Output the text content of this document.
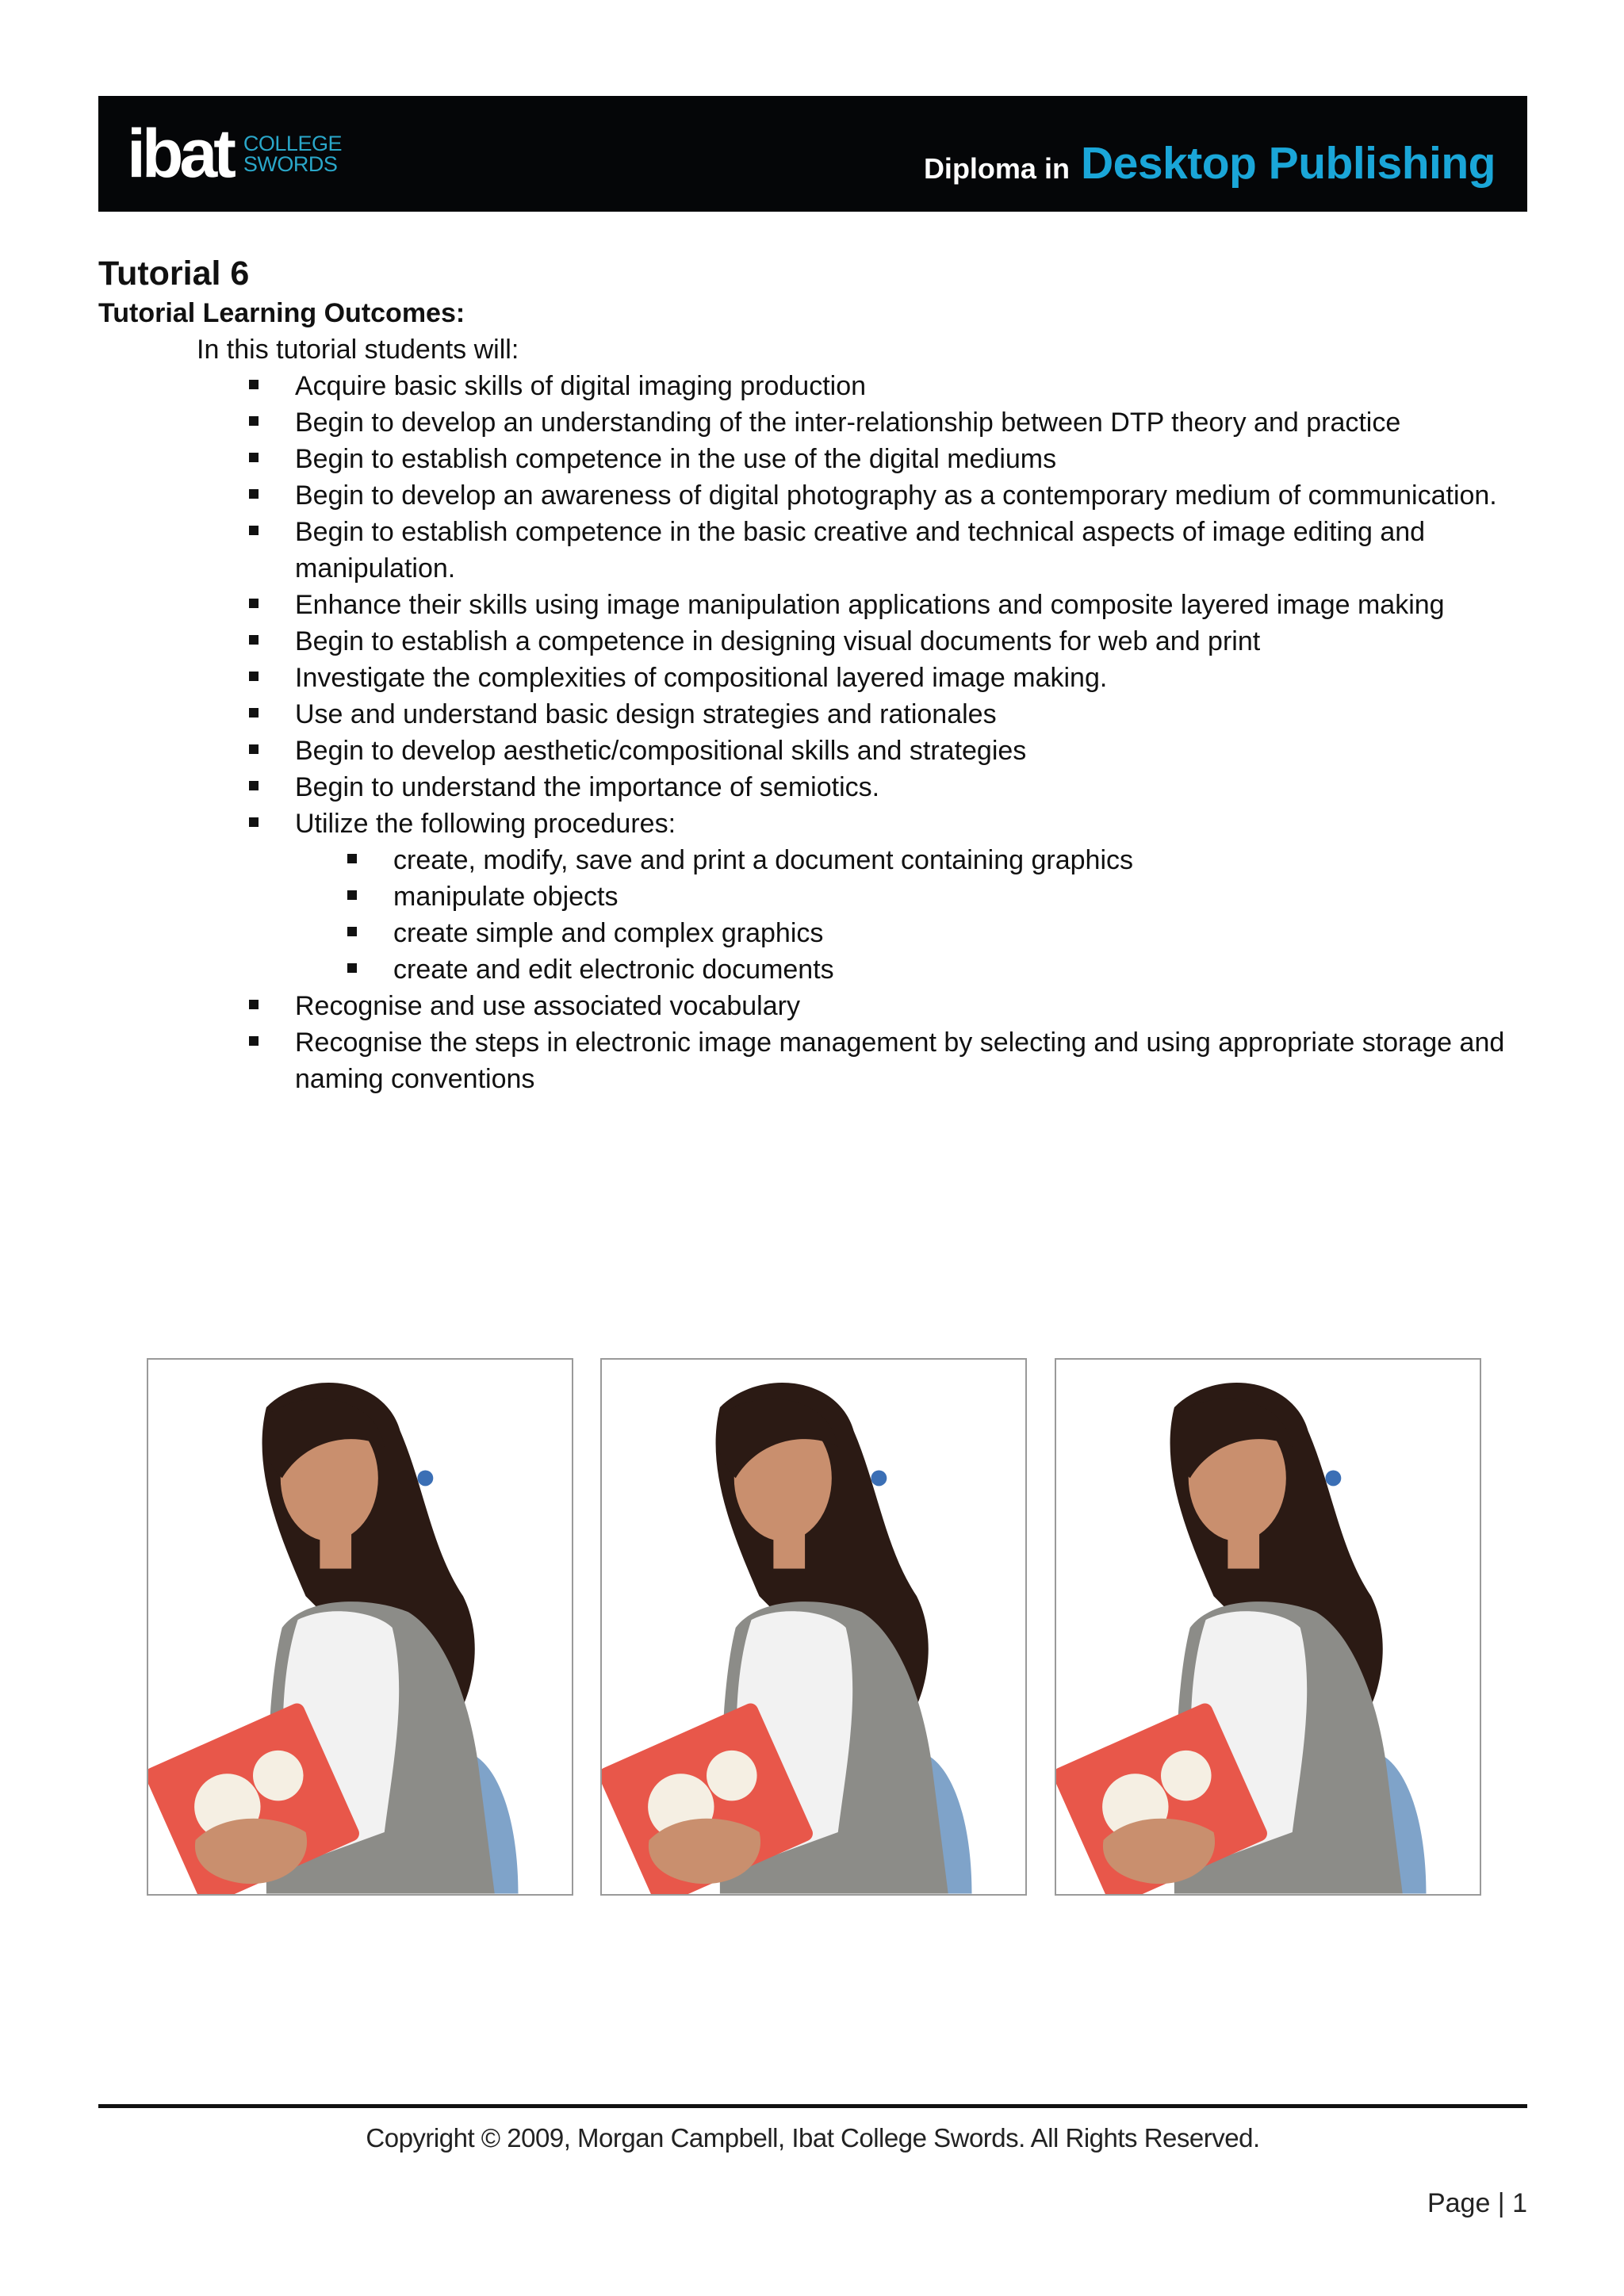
ibat COLLEGE
SWORDS	Diploma in Desktop Publishing
Tutorial 6
Tutorial Learning Outcomes:

In this tutorial students will:

Acquire basic skills of digital imaging production
Begin to develop an understanding of the inter-relationship between DTP theory and practice
Begin to establish competence in the use of the digital mediums
Begin to develop an awareness of digital photography as a contemporary medium of communication.
Begin to establish competence in the basic creative and technical aspects of image editing and manipulation.
Enhance their skills using image manipulation applications and composite layered image making
Begin to establish a competence in designing visual documents for web and print
Investigate the complexities of compositional layered image making.
Use and understand basic design strategies and rationales
Begin to develop aesthetic/compositional skills and strategies
Begin to understand the importance of semiotics.
Utilize the following procedures:
create, modify, save and print a document containing graphics
manipulate objects
create simple and complex graphics
create and edit electronic documents
Recognise and use associated vocabulary
Recognise the steps in electronic image management by selecting and using appropriate storage and naming conventions
Copyright © 2009, Morgan Campbell, Ibat College Swords. All Rights Reserved.
Page | 1
